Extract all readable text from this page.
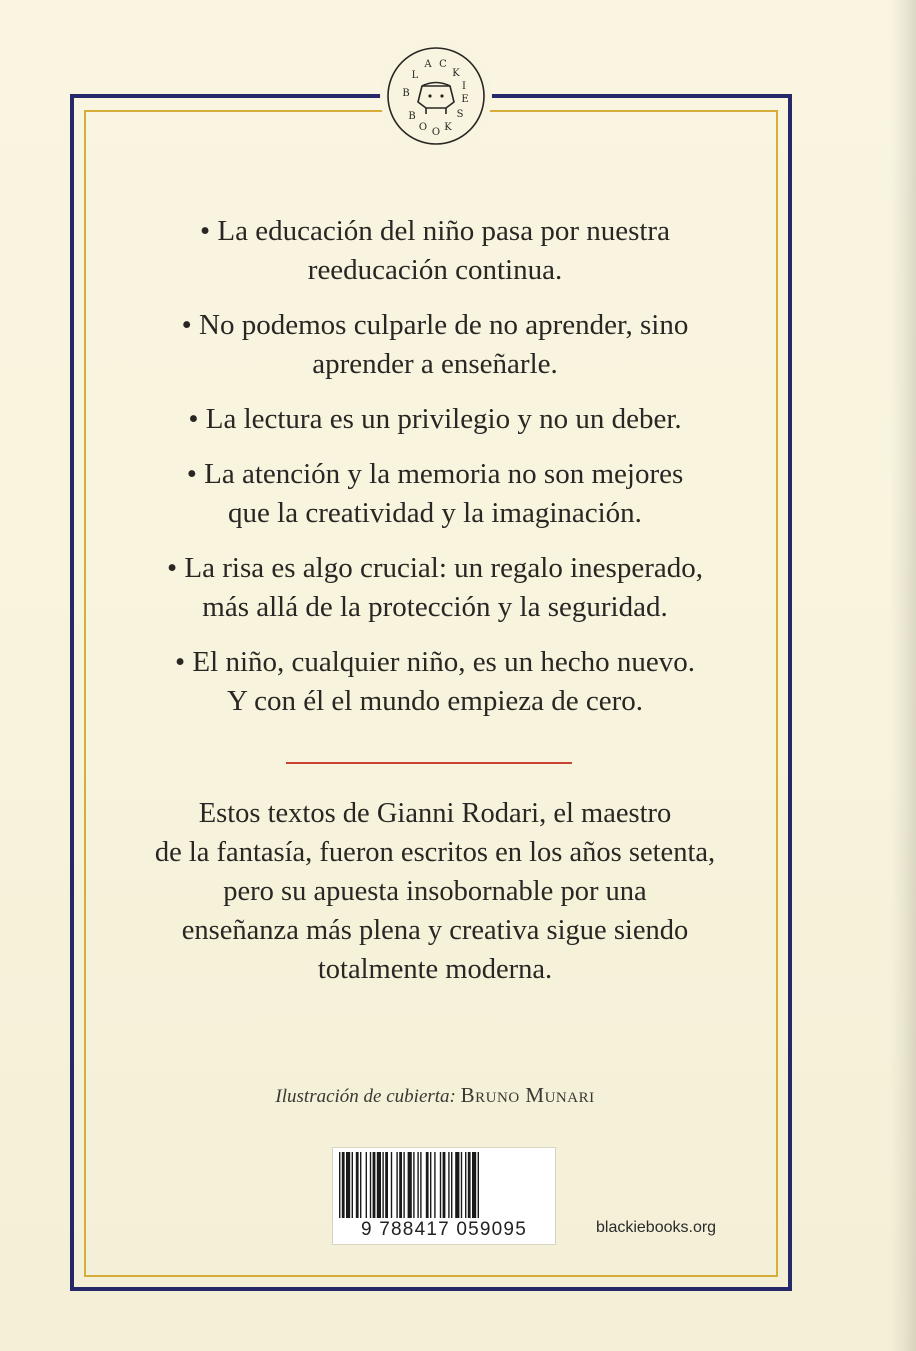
B
L
A C
K
I
E
S
K
O
O
B

• La educación del niño pasa por nuestra
reeducación continua.

• No podemos culparle de no aprender, sino
aprender a enseñarle.

• La lectura es un privilegio y no un deber.

• La atención y la memoria no son mejores
que la creatividad y la imaginación.

• La risa es algo crucial: un regalo inesperado,
más allá de la protección y la seguridad.

• El niño, cualquier niño, es un hecho nuevo.
Y con él el mundo empieza de cero.

Estos textos de Gianni Rodari, el maestro
de la fantasía, fueron escritos en los años setenta,
pero su apuesta insobornable por una
enseñanza más plena y creativa sigue siendo
totalmente moderna.
Ilustración de cubierta: Bruno Munari
9 788417 059095	blackiebooks.org
